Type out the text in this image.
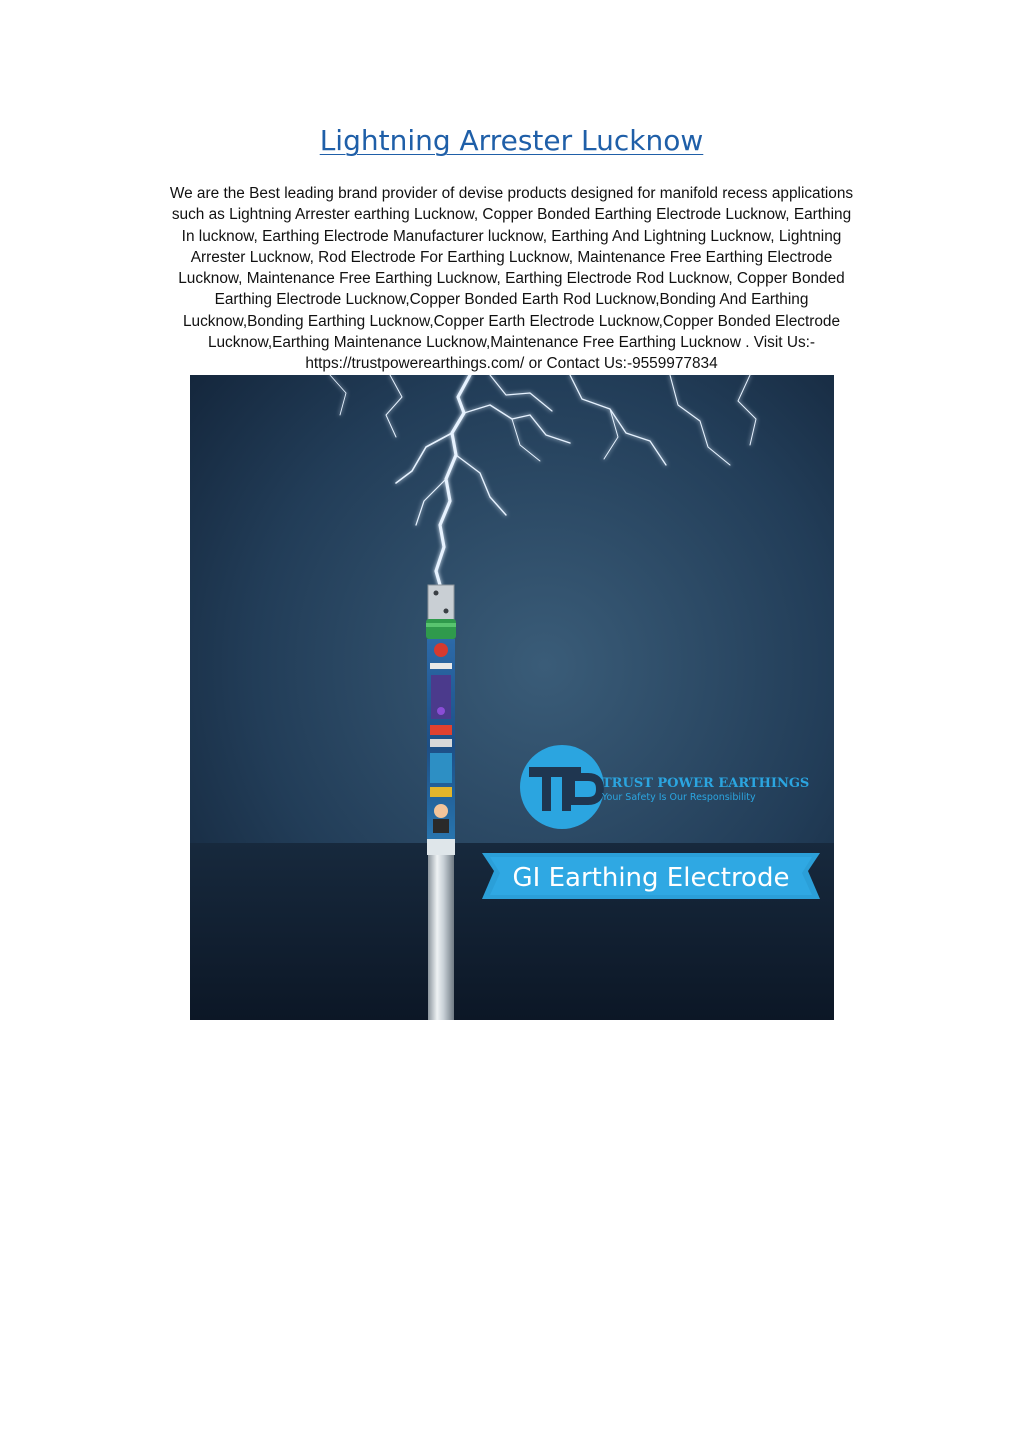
Lightning Arrester Lucknow
We are the Best leading brand provider of devise products designed for manifold recess applications
such as Lightning Arrester earthing Lucknow, Copper Bonded Earthing Electrode Lucknow, Earthing
In lucknow, Earthing Electrode Manufacturer lucknow, Earthing And Lightning Lucknow, Lightning
Arrester Lucknow, Rod Electrode For Earthing Lucknow, Maintenance Free Earthing Electrode
Lucknow, Maintenance Free Earthing Lucknow, Earthing Electrode Rod Lucknow, Copper Bonded
Earthing Electrode Lucknow,Copper Bonded Earth Rod Lucknow,Bonding And Earthing
Lucknow,Bonding Earthing Lucknow,Copper Earth Electrode Lucknow,Copper Bonded Electrode
Lucknow,Earthing Maintenance Lucknow,Maintenance Free Earthing Lucknow . Visit Us:-
https://trustpowerearthings.com/ or Contact Us:-9559977834
TRUST POWER EARTHINGS
Your Safety Is Our Responsibility
GI Earthing Electrode
